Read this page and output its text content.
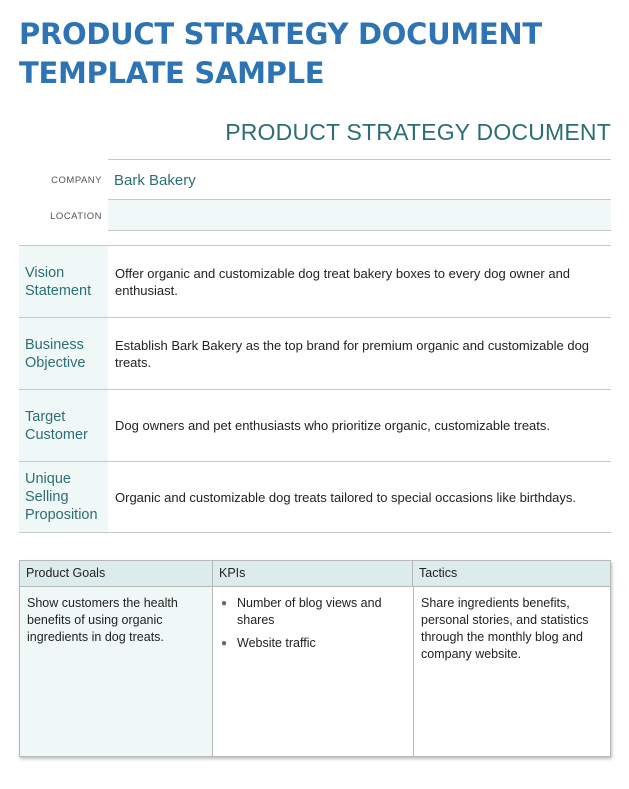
PRODUCT STRATEGY DOCUMENT
TEMPLATE SAMPLE
PRODUCT STRATEGY DOCUMENT
COMPANY Bark Bakery
LOCATION
Vision Statement
Offer organic and customizable dog treat bakery boxes to every dog owner and enthusiast.
Business Objective
Establish Bark Bakery as the top brand for premium organic and customizable dog treats.
Target Customer
Dog owners and pet enthusiasts who prioritize organic, customizable treats.
Unique Selling Proposition
Organic and customizable dog treats tailored to special occasions like birthdays.
Product Goals	KPIs	Tactics
Show customers the health benefits of using organic ingredients in dog treats.
● Number of blog views and shares
● Website traffic
Share ingredients benefits, personal stories, and statistics through the monthly blog and company website.
